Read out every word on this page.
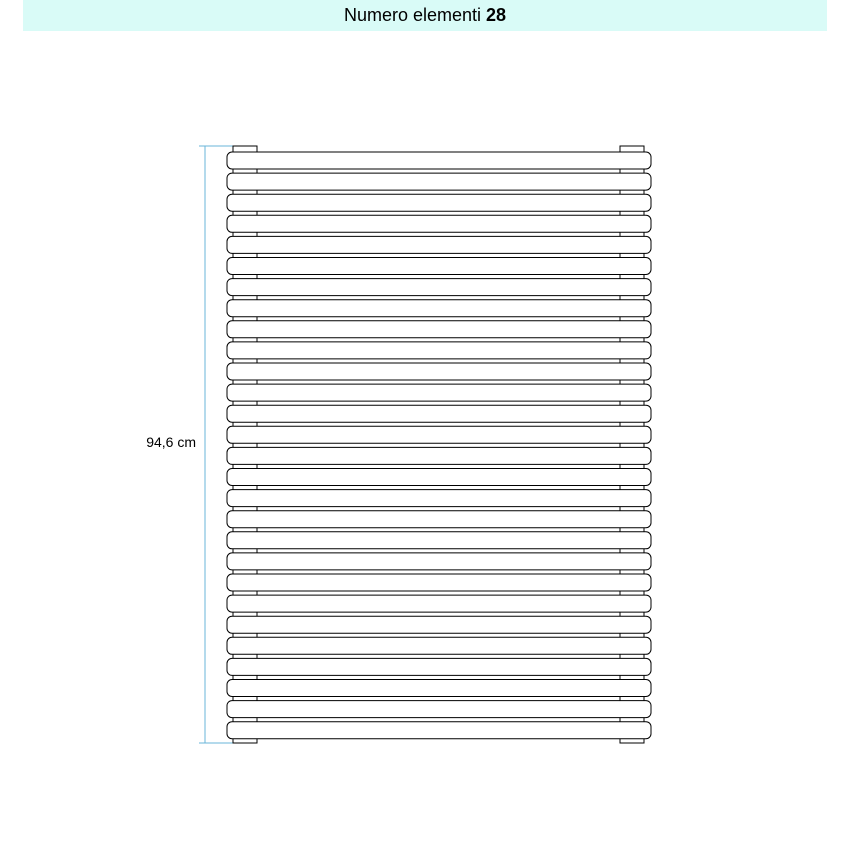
Numero elementi 28
94,6 cm
